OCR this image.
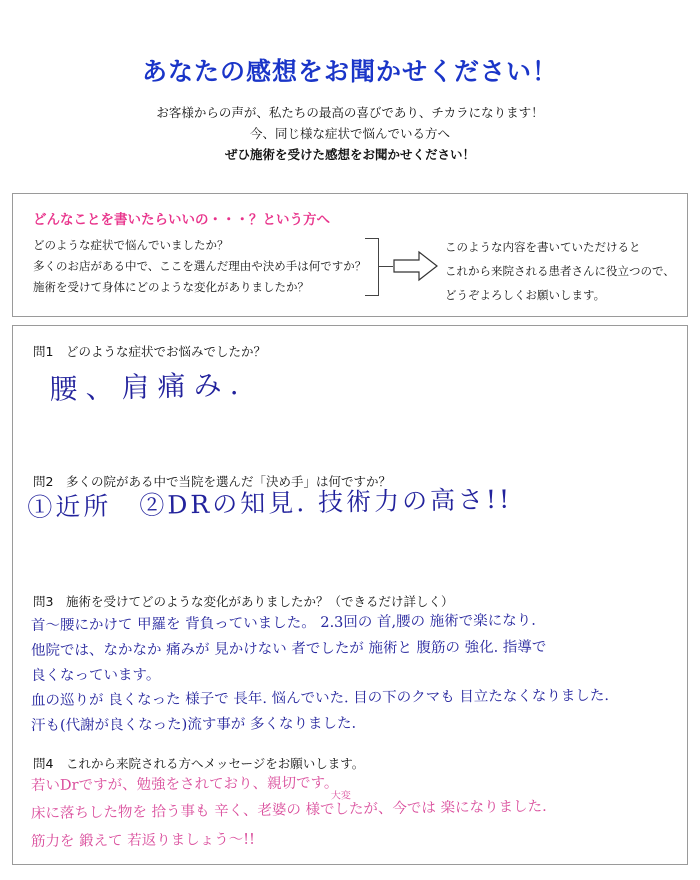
あなたの感想をお聞かせください！

お客様からの声が、私たちの最高の喜びであり、チカラになります！

今、同じ様な症状で悩んでいる方へ

ぜひ施術を受けた感想をお聞かせください！

どんなことを書いたらいいの・・・？という方へ
どのような症状で悩んでいましたか？
多くのお店がある中で、ここを選んだ理由や決め手は何ですか？
施術を受けて身体にどのような変化がありましたか？
このような内容を書いていただけると
これから来院される患者さんに役立つので、
どうぞよろしくお願いします。
問1　どのような症状でお悩みでしたか？
腰、肩痛み.
問2　多くの院がある中で当院を選んだ「決め手」は何ですか？
①近所　②DRの知見. 技術力の高さ!!
問3　施術を受けてどのような変化がありましたか？（できるだけ詳しく）
首～腰にかけて 甲羅を 背負っていました。 2.3回の 首,腰の 施術で楽になり.
他院では、なかなか 痛みが 見かけない 者でしたが 施術と 腹筋の 強化. 指導で
良くなっています。
血の巡りが 良くなった 様子で 長年. 悩んでいた. 目の下のクマも 目立たなくなりました.
汗も(代謝が良くなった)流す事が 多くなりました.
問4　これから来院される方へメッセージをお願いします。
若いDrですが、勉強をされており、親切です。
床に落ちした物を 拾う事も 辛く、老婆の 様でしたが、今では 楽になりました.
大変
筋力を 鍛えて 若返りましょう～!!
